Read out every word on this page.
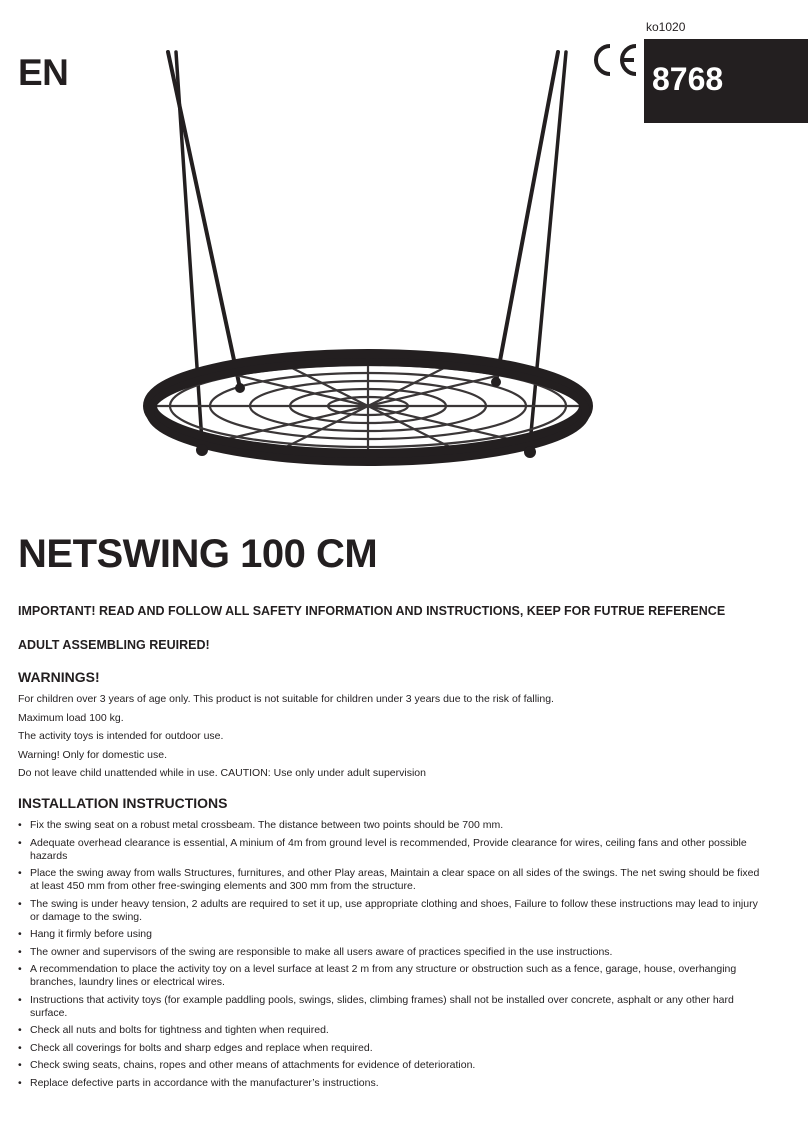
EN

ko1020

8768
NETSWING 100 CM

IMPORTANT! READ AND FOLLOW ALL SAFETY INFORMATION AND INSTRUCTIONS, KEEP FOR FUTRUE REFERENCE

ADULT ASSEMBLING REUIRED!

WARNINGS!

For children over 3 years of age only. This product is not suitable for children under 3 years due to the risk of falling.

Maximum load 100 kg.

The activity toys is intended for outdoor use.

Warning! Only for domestic use.

Do not leave child unattended while in use. CAUTION: Use only under adult supervision

INSTALLATION INSTRUCTIONS
• Fix the swing seat on a robust metal crossbeam. The distance between two points should be 700 mm.
• Adequate overhead clearance is essential, A minium of 4m from ground level is recommended, Provide clearance for wires, ceiling fans and other possible hazards
• Place the swing away from walls Structures, furnitures, and other Play areas, Maintain a clear space on all sides of the swings. The net swing should be fixed at least 450 mm from other free-swinging elements and 300 mm from the structure.
• The swing is under heavy tension, 2 adults are required to set it up, use appropriate clothing and shoes, Failure to follow these instructions may lead to injury or damage to the swing.
• Hang it firmly before using
• The owner and supervisors of the swing are responsible to make all users aware of practices specified in the use instructions.
• A recommendation to place the activity toy on a level surface at least 2 m from any structure or obstruction such as a fence, garage, house, overhanging branches, laundry lines or electrical wires.
• Instructions that activity toys (for example paddling pools, swings, slides, climbing frames) shall not be installed over concrete, asphalt or any other hard surface.
• Check all nuts and bolts for tightness and tighten when required.
• Check all coverings for bolts and sharp edges and replace when required.
• Check swing seats, chains, ropes and other means of attachments for evidence of deterioration.
• Replace defective parts in accordance with the manufacturer’s instructions.
